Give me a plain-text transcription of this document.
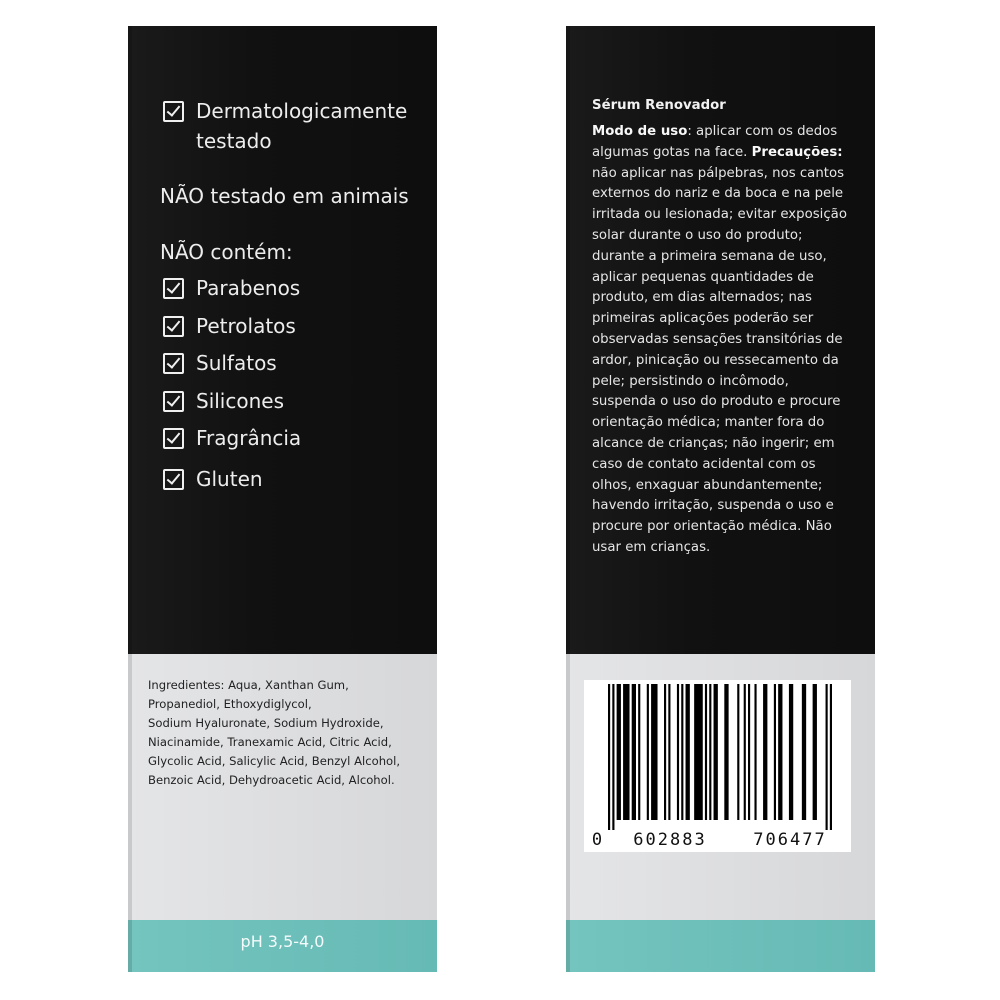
Dermatologicamente
testado
NÃO testado em animais
NÃO contém:
Parabenos
Petrolatos
Sulfatos
Silicones
Fragrância
Gluten
Ingredientes: Aqua, Xanthan Gum,
Propanediol, Ethoxydiglycol,
Sodium Hyaluronate, Sodium Hydroxide,
Niacinamide, Tranexamic Acid, Citric Acid,
Glycolic Acid, Salicylic Acid, Benzyl Alcohol,
Benzoic Acid, Dehydroacetic Acid, Alcohol.
pH 3,5-4,0
Sérum Renovador
Modo de uso: aplicar com os dedos algumas gotas na face. Precauções: não aplicar nas pálpebras, nos cantos externos do nariz e da boca e na pele irritada ou lesionada; evitar exposição solar durante o uso do produto; durante a primeira semana de uso, aplicar pequenas quantidades de produto, em dias alternados; nas primeiras aplicações poderão ser observadas sensações transitórias de ardor, pinicação ou ressecamento da pele; persistindo o incômodo, suspenda o uso do produto e procure orientação médica; manter fora do alcance de crianças; não ingerir; em caso de contato acidental com os olhos, enxaguar abundantemente; havendo irritação, suspenda o uso e procure por orientação médica. Não usar em crianças.
0	602883	706477
